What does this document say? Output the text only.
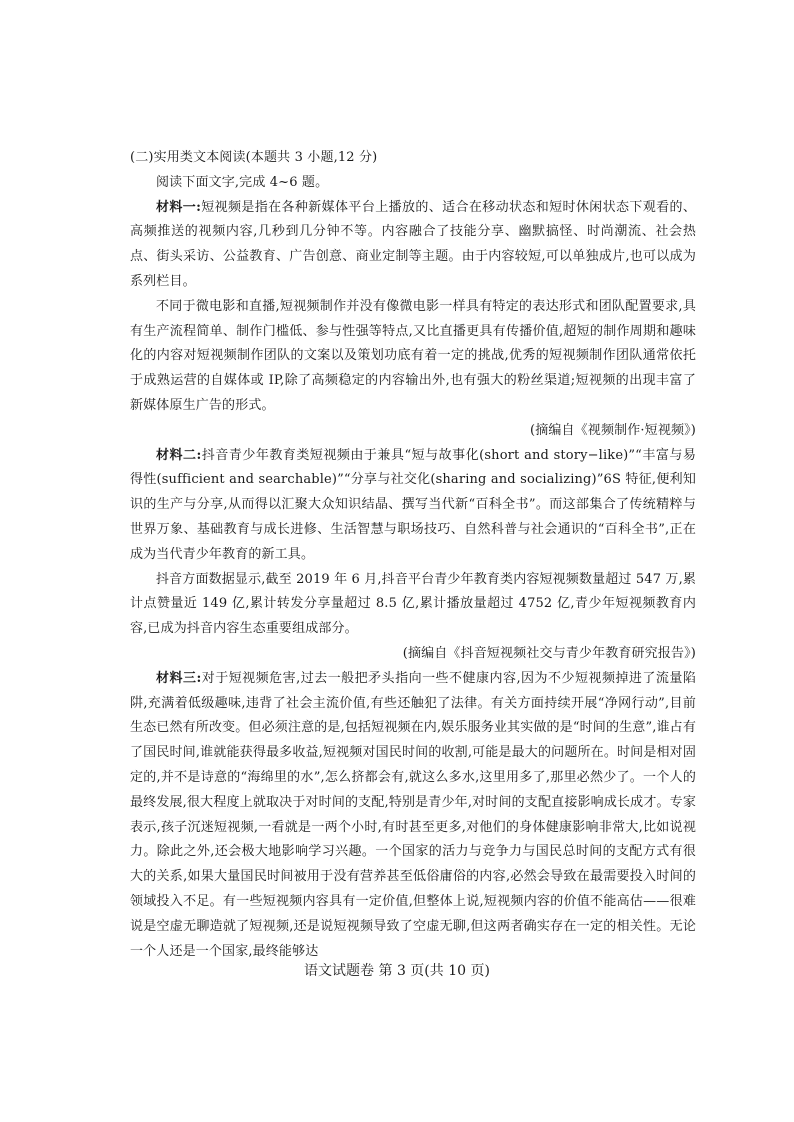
(二)实用类文本阅读(本题共 3 小题,12 分)

阅读下面文字,完成 4~6 题。

材料一:短视频是指在各种新媒体平台上播放的、适合在移动状态和短时休闲状态下观看的、高频推送的视频内容,几秒到几分钟不等。内容融合了技能分享、幽默搞怪、时尚潮流、社会热点、街头采访、公益教育、广告创意、商业定制等主题。由于内容较短,可以单独成片,也可以成为系列栏目。

不同于微电影和直播,短视频制作并没有像微电影一样具有特定的表达形式和团队配置要求,具有生产流程简单、制作门槛低、参与性强等特点,又比直播更具有传播价值,超短的制作周期和趣味化的内容对短视频制作团队的文案以及策划功底有着一定的挑战,优秀的短视频制作团队通常依托于成熟运营的自媒体或 IP,除了高频稳定的内容输出外,也有强大的粉丝渠道;短视频的出现丰富了新媒体原生广告的形式。

(摘编自《视频制作·短视频》)

材料二:抖音青少年教育类短视频由于兼具“短与故事化(short and story−like)”“丰富与易得性(sufficient and searchable)”“分享与社交化(sharing and socializing)”6S 特征,便利知识的生产与分享,从而得以汇聚大众知识结晶、撰写当代新“百科全书”。而这部集合了传统精粹与世界万象、基础教育与成长进修、生活智慧与职场技巧、自然科普与社会通识的“百科全书”,正在成为当代青少年教育的新工具。

抖音方面数据显示,截至 2019 年 6 月,抖音平台青少年教育类内容短视频数量超过 547 万,累计点赞量近 149 亿,累计转发分享量超过 8.5 亿,累计播放量超过 4752 亿,青少年短视频教育内容,已成为抖音内容生态重要组成部分。

(摘编自《抖音短视频社交与青少年教育研究报告》)

材料三:对于短视频危害,过去一般把矛头指向一些不健康内容,因为不少短视频掉进了流量陷阱,充满着低级趣味,违背了社会主流价值,有些还触犯了法律。有关方面持续开展“净网行动”,目前生态已然有所改变。但必须注意的是,包括短视频在内,娱乐服务业其实做的是“时间的生意”,谁占有了国民时间,谁就能获得最多收益,短视频对国民时间的收割,可能是最大的问题所在。时间是相对固定的,并不是诗意的“海绵里的水”,怎么挤都会有,就这么多水,这里用多了,那里必然少了。一个人的最终发展,很大程度上就取决于对时间的支配,特别是青少年,对时间的支配直接影响成长成才。专家表示,孩子沉迷短视频,一看就是一两个小时,有时甚至更多,对他们的身体健康影响非常大,比如说视力。除此之外,还会极大地影响学习兴趣。一个国家的活力与竞争力与国民总时间的支配方式有很大的关系,如果大量国民时间被用于没有营养甚至低俗庸俗的内容,必然会导致在最需要投入时间的领域投入不足。有一些短视频内容具有一定价值,但整体上说,短视频内容的价值不能高估——很难说是空虚无聊造就了短视频,还是说短视频导致了空虚无聊,但这两者确实存在一定的相关性。无论一个人还是一个国家,最终能够达

语文试题卷 第 3 页(共 10 页)
